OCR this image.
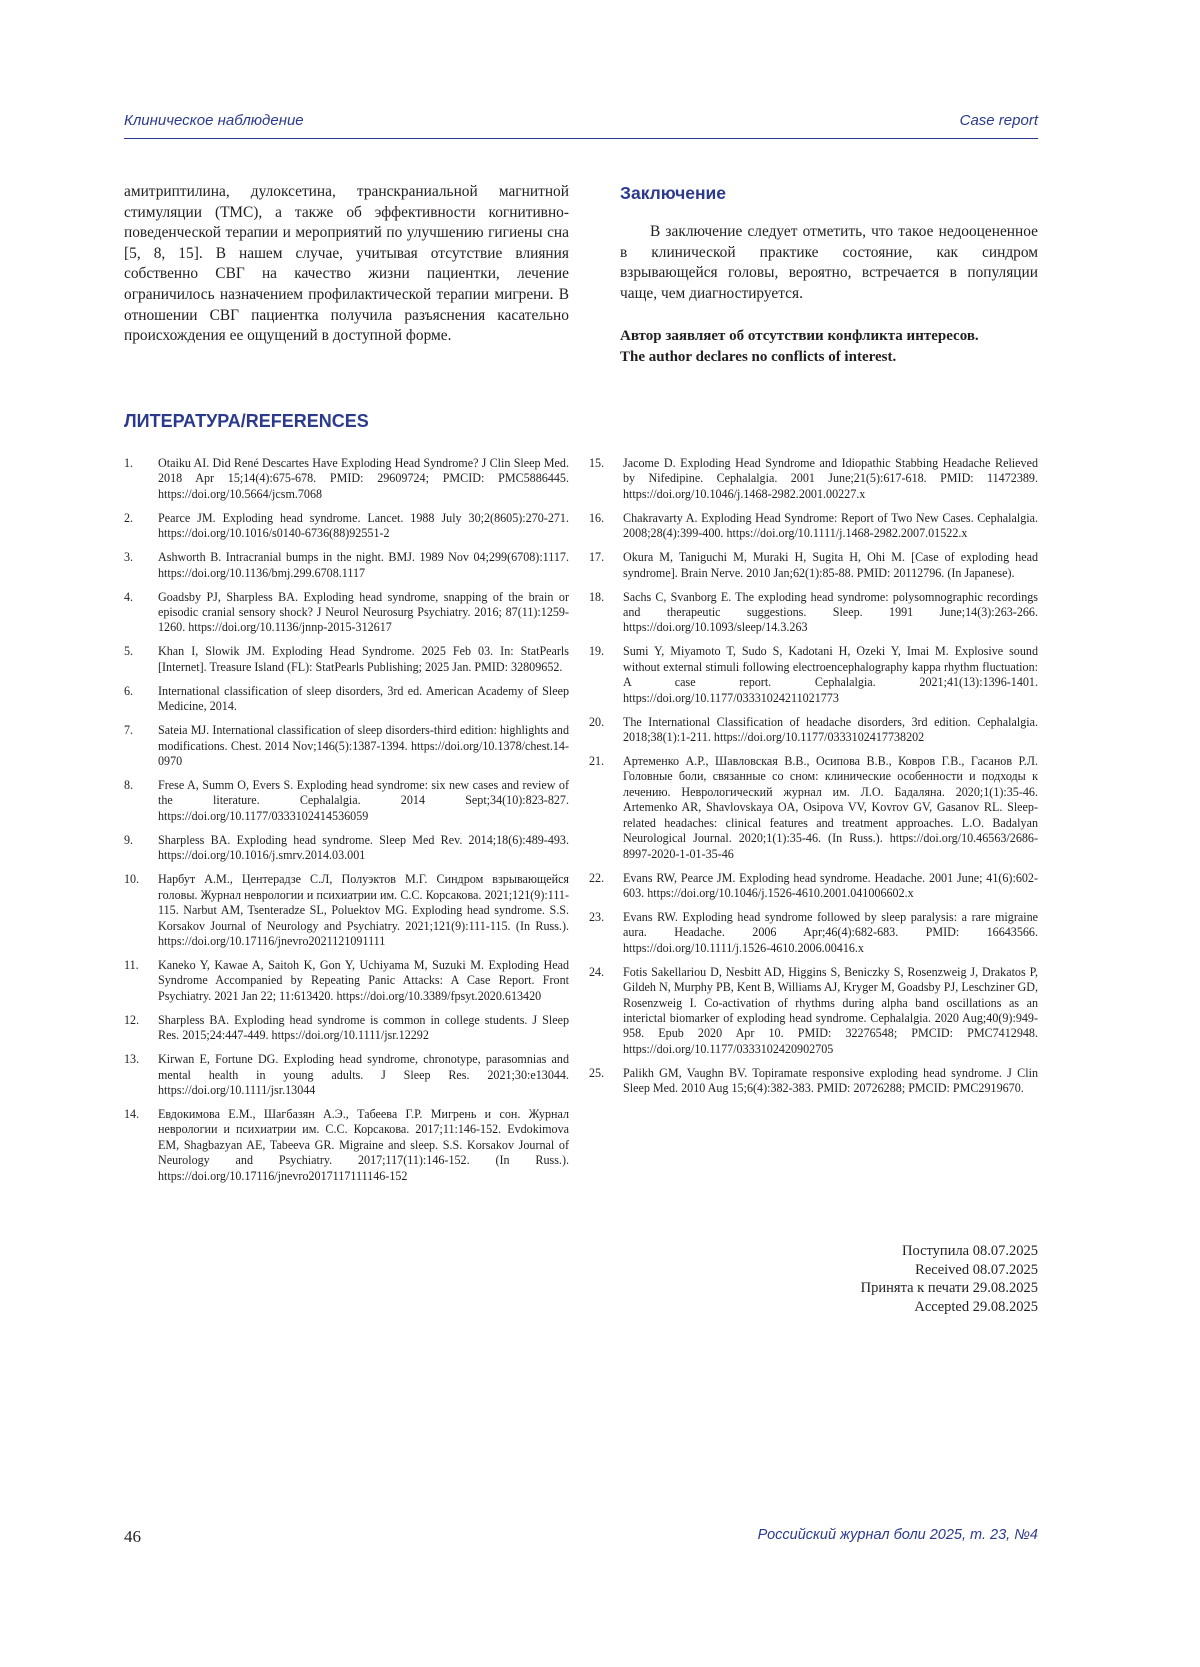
Клиническое наблюдение	Case report

амитриптилина, дулоксетина, транскраниальной магнитной стимуляции (ТМС), а также об эффективности когнитивно-поведенческой терапии и мероприятий по улучшению гигиены сна [5, 8, 15]. В нашем случае, учитывая отсутствие влияния собственно СВГ на качество жизни пациентки, лечение ограничилось назначением профилактической терапии мигрени. В отношении СВГ пациентка получила разъяснения касательно происхождения ее ощущений в доступной форме.

Заключение

В заключение следует отметить, что такое недооцененное в клинической практике состояние, как синдром взрывающейся головы, вероятно, встречается в популяции чаще, чем диагностируется.

Автор заявляет об отсутствии конфликта интересов.
The author declares no conflicts of interest.
ЛИТЕРАТУРА/REFERENCES
1.	Otaiku AI. Did René Descartes Have Exploding Head Syndrome? J Clin Sleep Med. 2018 Apr 15;14(4):675-678. PMID: 29609724; PMCID: PMC5886445. https://doi.org/10.5664/jcsm.7068
2.	Pearce JM. Exploding head syndrome. Lancet. 1988 July 30;2(8605):270-271. https://doi.org/10.1016/s0140-6736(88)92551-2
3.	Ashworth B. Intracranial bumps in the night. BMJ. 1989 Nov 04;299(6708):1117. https://doi.org/10.1136/bmj.299.6708.1117
4.	Goadsby PJ, Sharpless BA. Exploding head syndrome, snapping of the brain or episodic cranial sensory shock? J Neurol Neurosurg Psychiatry. 2016; 87(11):1259-1260. https://doi.org/10.1136/jnnp-2015-312617
5.	Khan I, Slowik JM. Exploding Head Syndrome. 2025 Feb 03. In: StatPearls [Internet]. Treasure Island (FL): StatPearls Publishing; 2025 Jan. PMID: 32809652.
6.	International classification of sleep disorders, 3rd ed. American Academy of Sleep Medicine, 2014.
7.	Sateia MJ. International classification of sleep disorders-third edition: highlights and modifications. Chest. 2014 Nov;146(5):1387-1394. https://doi.org/10.1378/chest.14-0970
8.	Frese A, Summ O, Evers S. Exploding head syndrome: six new cases and review of the literature. Cephalalgia. 2014 Sept;34(10):823-827. https://doi.org/10.1177/0333102414536059
9.	Sharpless BA. Exploding head syndrome. Sleep Med Rev. 2014;18(6):489-493. https://doi.org/10.1016/j.smrv.2014.03.001
10.	Нарбут А.М., Центерадзе С.Л, Полуэктов М.Г. Синдром взрывающейся головы. Журнал неврологии и психиатрии им. С.С. Корсакова. 2021;121(9):111-115. Narbut AM, Tsenteradze SL, Poluektov MG. Exploding head syndrome. S.S. Korsakov Journal of Neurology and Psychiatry. 2021;121(9):111-115. (In Russ.). https://doi.org/10.17116/jnevro2021121091111
11.	Kaneko Y, Kawae A, Saitoh K, Gon Y, Uchiyama M, Suzuki M. Exploding Head Syndrome Accompanied by Repeating Panic Attacks: A Case Report. Front Psychiatry. 2021 Jan 22; 11:613420. https://doi.org/10.3389/fpsyt.2020.613420
12.	Sharpless BA. Exploding head syndrome is common in college students. J Sleep Res. 2015;24:447-449. https://doi.org/10.1111/jsr.12292
13.	Kirwan E, Fortune DG. Exploding head syndrome, chronotype, parasomnias and mental health in young adults. J Sleep Res. 2021;30:e13044. https://doi.org/10.1111/jsr.13044
14.	Евдокимова Е.М., Шагбазян А.Э., Табеева Г.Р. Мигрень и сон. Журнал неврологии и психиатрии им. С.С. Корсакова. 2017;11:146-152. Evdokimova EM, Shagbazyan AE, Tabeeva GR. Migraine and sleep. S.S. Korsakov Journal of Neurology and Psychiatry. 2017;117(11):146-152. (In Russ.). https://doi.org/10.17116/jnevro2017117111146-152
15.	Jacome D. Exploding Head Syndrome and Idiopathic Stabbing Headache Relieved by Nifedipine. Cephalalgia. 2001 June;21(5):617-618. PMID: 11472389. https://doi.org/10.1046/j.1468-2982.2001.00227.x
16.	Chakravarty A. Exploding Head Syndrome: Report of Two New Cases. Cephalalgia. 2008;28(4):399-400. https://doi.org/10.1111/j.1468-2982.2007.01522.x
17.	Okura M, Taniguchi M, Muraki H, Sugita H, Ohi M. [Case of exploding head syndrome]. Brain Nerve. 2010 Jan;62(1):85-88. PMID: 20112796. (In Japanese).
18.	Sachs C, Svanborg E. The exploding head syndrome: polysomnographic recordings and therapeutic suggestions. Sleep. 1991 June;14(3):263-266. https://doi.org/10.1093/sleep/14.3.263
19.	Sumi Y, Miyamoto T, Sudo S, Kadotani H, Ozeki Y, Imai M. Explosive sound without external stimuli following electroencephalography kappa rhythm fluctuation: A case report. Cephalalgia. 2021;41(13):1396-1401. https://doi.org/10.1177/03331024211021773
20.	The International Classification of headache disorders, 3rd edition. Cephalalgia. 2018;38(1):1-211. https://doi.org/10.1177/0333102417738202
21.	Артеменко А.Р., Шавловская В.В., Осипова В.В., Ковров Г.В., Гасанов Р.Л. Головные боли, связанные со сном: клинические особенности и подходы к лечению. Неврологический журнал им. Л.О. Бадаляна. 2020;1(1):35-46. Artemenko AR, Shavlovskaya OA, Osipova VV, Kovrov GV, Gasanov RL. Sleep-related headaches: clinical features and treatment approaches. L.O. Badalyan Neurological Journal. 2020;1(1):35-46. (In Russ.). https://doi.org/10.46563/2686-8997-2020-1-01-35-46
22.	Evans RW, Pearce JM. Exploding head syndrome. Headache. 2001 June; 41(6):602-603. https://doi.org/10.1046/j.1526-4610.2001.041006602.x
23.	Evans RW. Exploding head syndrome followed by sleep paralysis: a rare migraine aura. Headache. 2006 Apr;46(4):682-683. PMID: 16643566. https://doi.org/10.1111/j.1526-4610.2006.00416.x
24.	Fotis Sakellariou D, Nesbitt AD, Higgins S, Beniczky S, Rosenzweig J, Drakatos P, Gildeh N, Murphy PB, Kent B, Williams AJ, Kryger M, Goadsby PJ, Leschziner GD, Rosenzweig I. Co-activation of rhythms during alpha band oscillations as an interictal biomarker of exploding head syndrome. Cephalalgia. 2020 Aug;40(9):949-958. Epub 2020 Apr 10. PMID: 32276548; PMCID: PMC7412948. https://doi.org/10.1177/0333102420902705
25.	Palikh GM, Vaughn BV. Topiramate responsive exploding head syndrome. J Clin Sleep Med. 2010 Aug 15;6(4):382-383. PMID: 20726288; PMCID: PMC2919670.
Поступила 08.07.2025
Received 08.07.2025
Принята к печати 29.08.2025
Accepted 29.08.2025
46	Российский журнал боли 2025, т. 23, №4
